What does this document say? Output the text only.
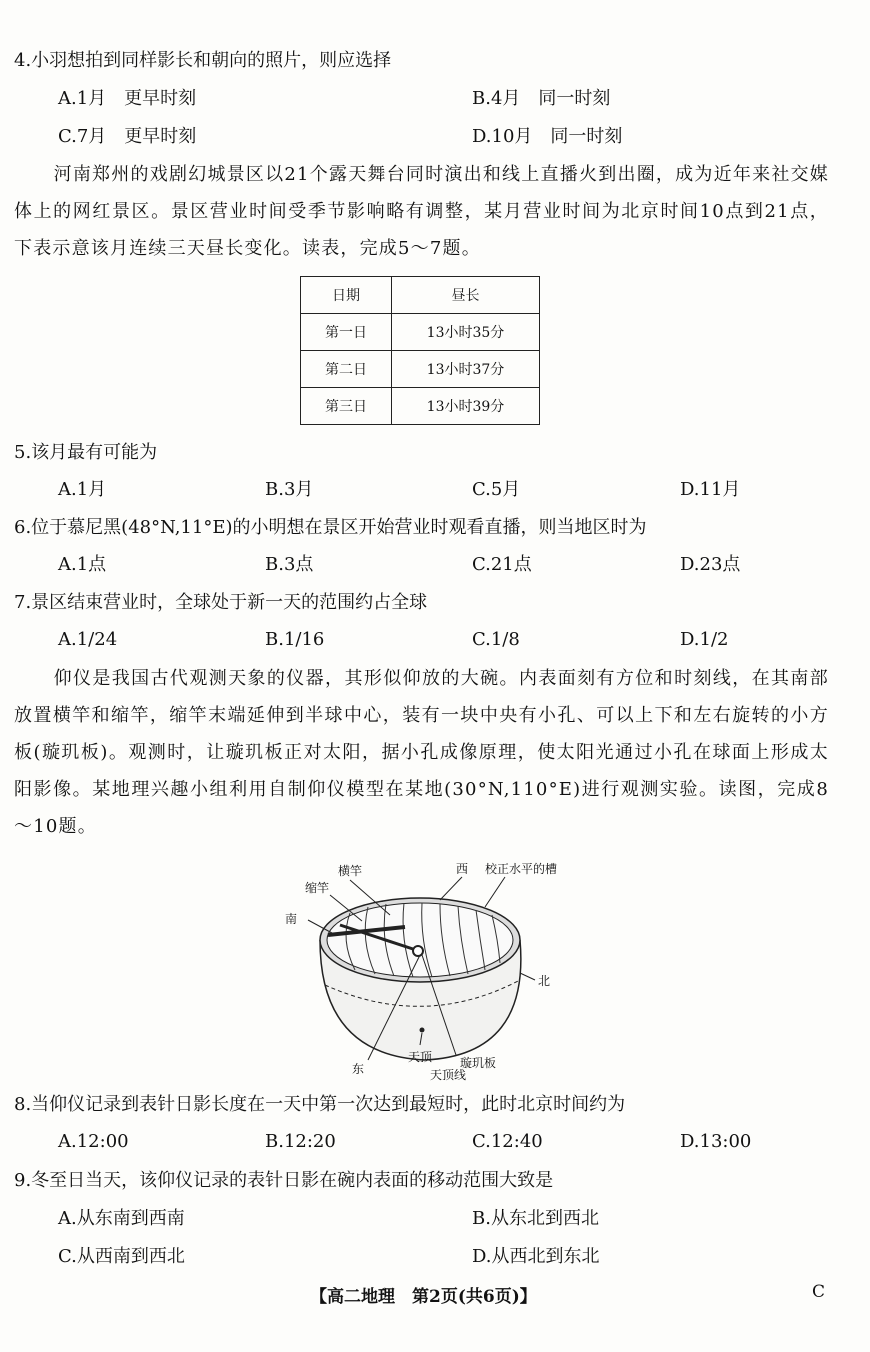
4.小羽想拍到同样影长和朝向的照片，则应选择
A.1月　更早时刻	B.4月　同一时刻
C.7月　更早时刻	D.10月　同一时刻
河南郑州的戏剧幻城景区以21个露天舞台同时演出和线上直播火到出圈，成为近年来社交媒体上的网红景区。景区营业时间受季节影响略有调整，某月营业时间为北京时间10点到21点，下表示意该月连续三天昼长变化。读表，完成5～7题。
日期	昼长
第一日	13小时35分
第二日	13小时37分
第三日	13小时39分
5.该月最有可能为
A.1月	B.3月	C.5月	D.11月
6.位于慕尼黑(48°N,11°E)的小明想在景区开始营业时观看直播，则当地区时为
A.1点	B.3点	C.21点	D.23点
7.景区结束营业时，全球处于新一天的范围约占全球
A.1/24	B.1/16	C.1/8	D.1/2
仰仪是我国古代观测天象的仪器，其形似仰放的大碗。内表面刻有方位和时刻线，在其南部放置横竿和缩竿，缩竿末端延伸到半球中心，装有一块中央有小孔、可以上下和左右旋转的小方板(璇玑板)。观测时，让璇玑板正对太阳，据小孔成像原理，使太阳光通过小孔在球面上形成太阳影像。某地理兴趣小组利用自制仰仪模型在某地(30°N,110°E)进行观测实验。读图，完成8～10题。
横竿
缩竿
南
西 校正水平的槽
北
东
天顶
天顶线
璇玑板
8.当仰仪记录到表针日影长度在一天中第一次达到最短时，此时北京时间约为
A.12:00	B.12:20	C.12:40	D.13:00
9.冬至日当天，该仰仪记录的表针日影在碗内表面的移动范围大致是
A.从东南到西南	B.从东北到西北
C.从西南到西北	D.从西北到东北
【高二地理　第2页(共6页)】	C
